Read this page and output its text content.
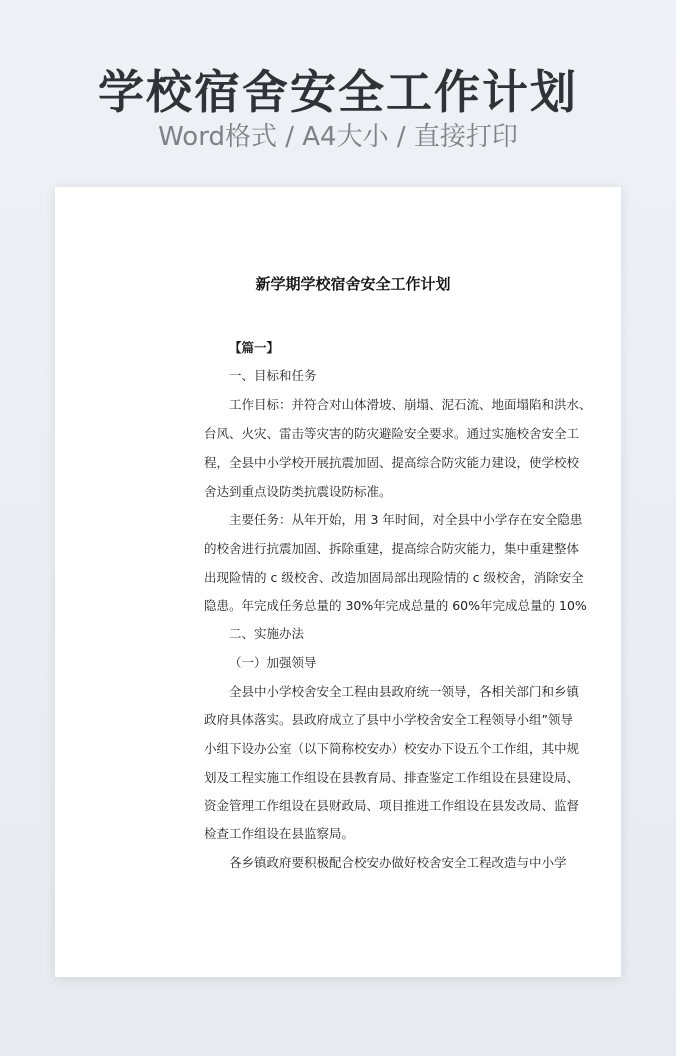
学校宿舍安全工作计划
Word格式 / A4大小 / 直接打印
新学期学校宿舍安全工作计划
【篇一】
一、目标和任务
工作目标：并符合对山体滑坡、崩塌、泥石流、地面塌陷和洪水、
台风、火灾、雷击等灾害的防灾避险安全要求。通过实施校舍安全工
程，全县中小学校开展抗震加固、提高综合防灾能力建设，使学校校
舍达到重点设防类抗震设防标准。
主要任务：从年开始，用 3 年时间，对全县中小学存在安全隐患
的校舍进行抗震加固、拆除重建，提高综合防灾能力，集中重建整体
出现险情的 c 级校舍、改造加固局部出现险情的 c 级校舍，消除安全
隐患。年完成任务总量的 30%年完成总量的 60%年完成总量的 10%
二、实施办法
（一）加强领导
全县中小学校舍安全工程由县政府统一领导，各相关部门和乡镇
政府具体落实。县政府成立了县中小学校舍安全工程领导小组”领导
小组下设办公室（以下简称校安办）校安办下设五个工作组，其中规
划及工程实施工作组设在县教育局、排查鉴定工作组设在县建设局、
资金管理工作组设在县财政局、项目推进工作组设在县发改局、监督
检查工作组设在县监察局。
各乡镇政府要积极配合校安办做好校舍安全工程改造与中小学
